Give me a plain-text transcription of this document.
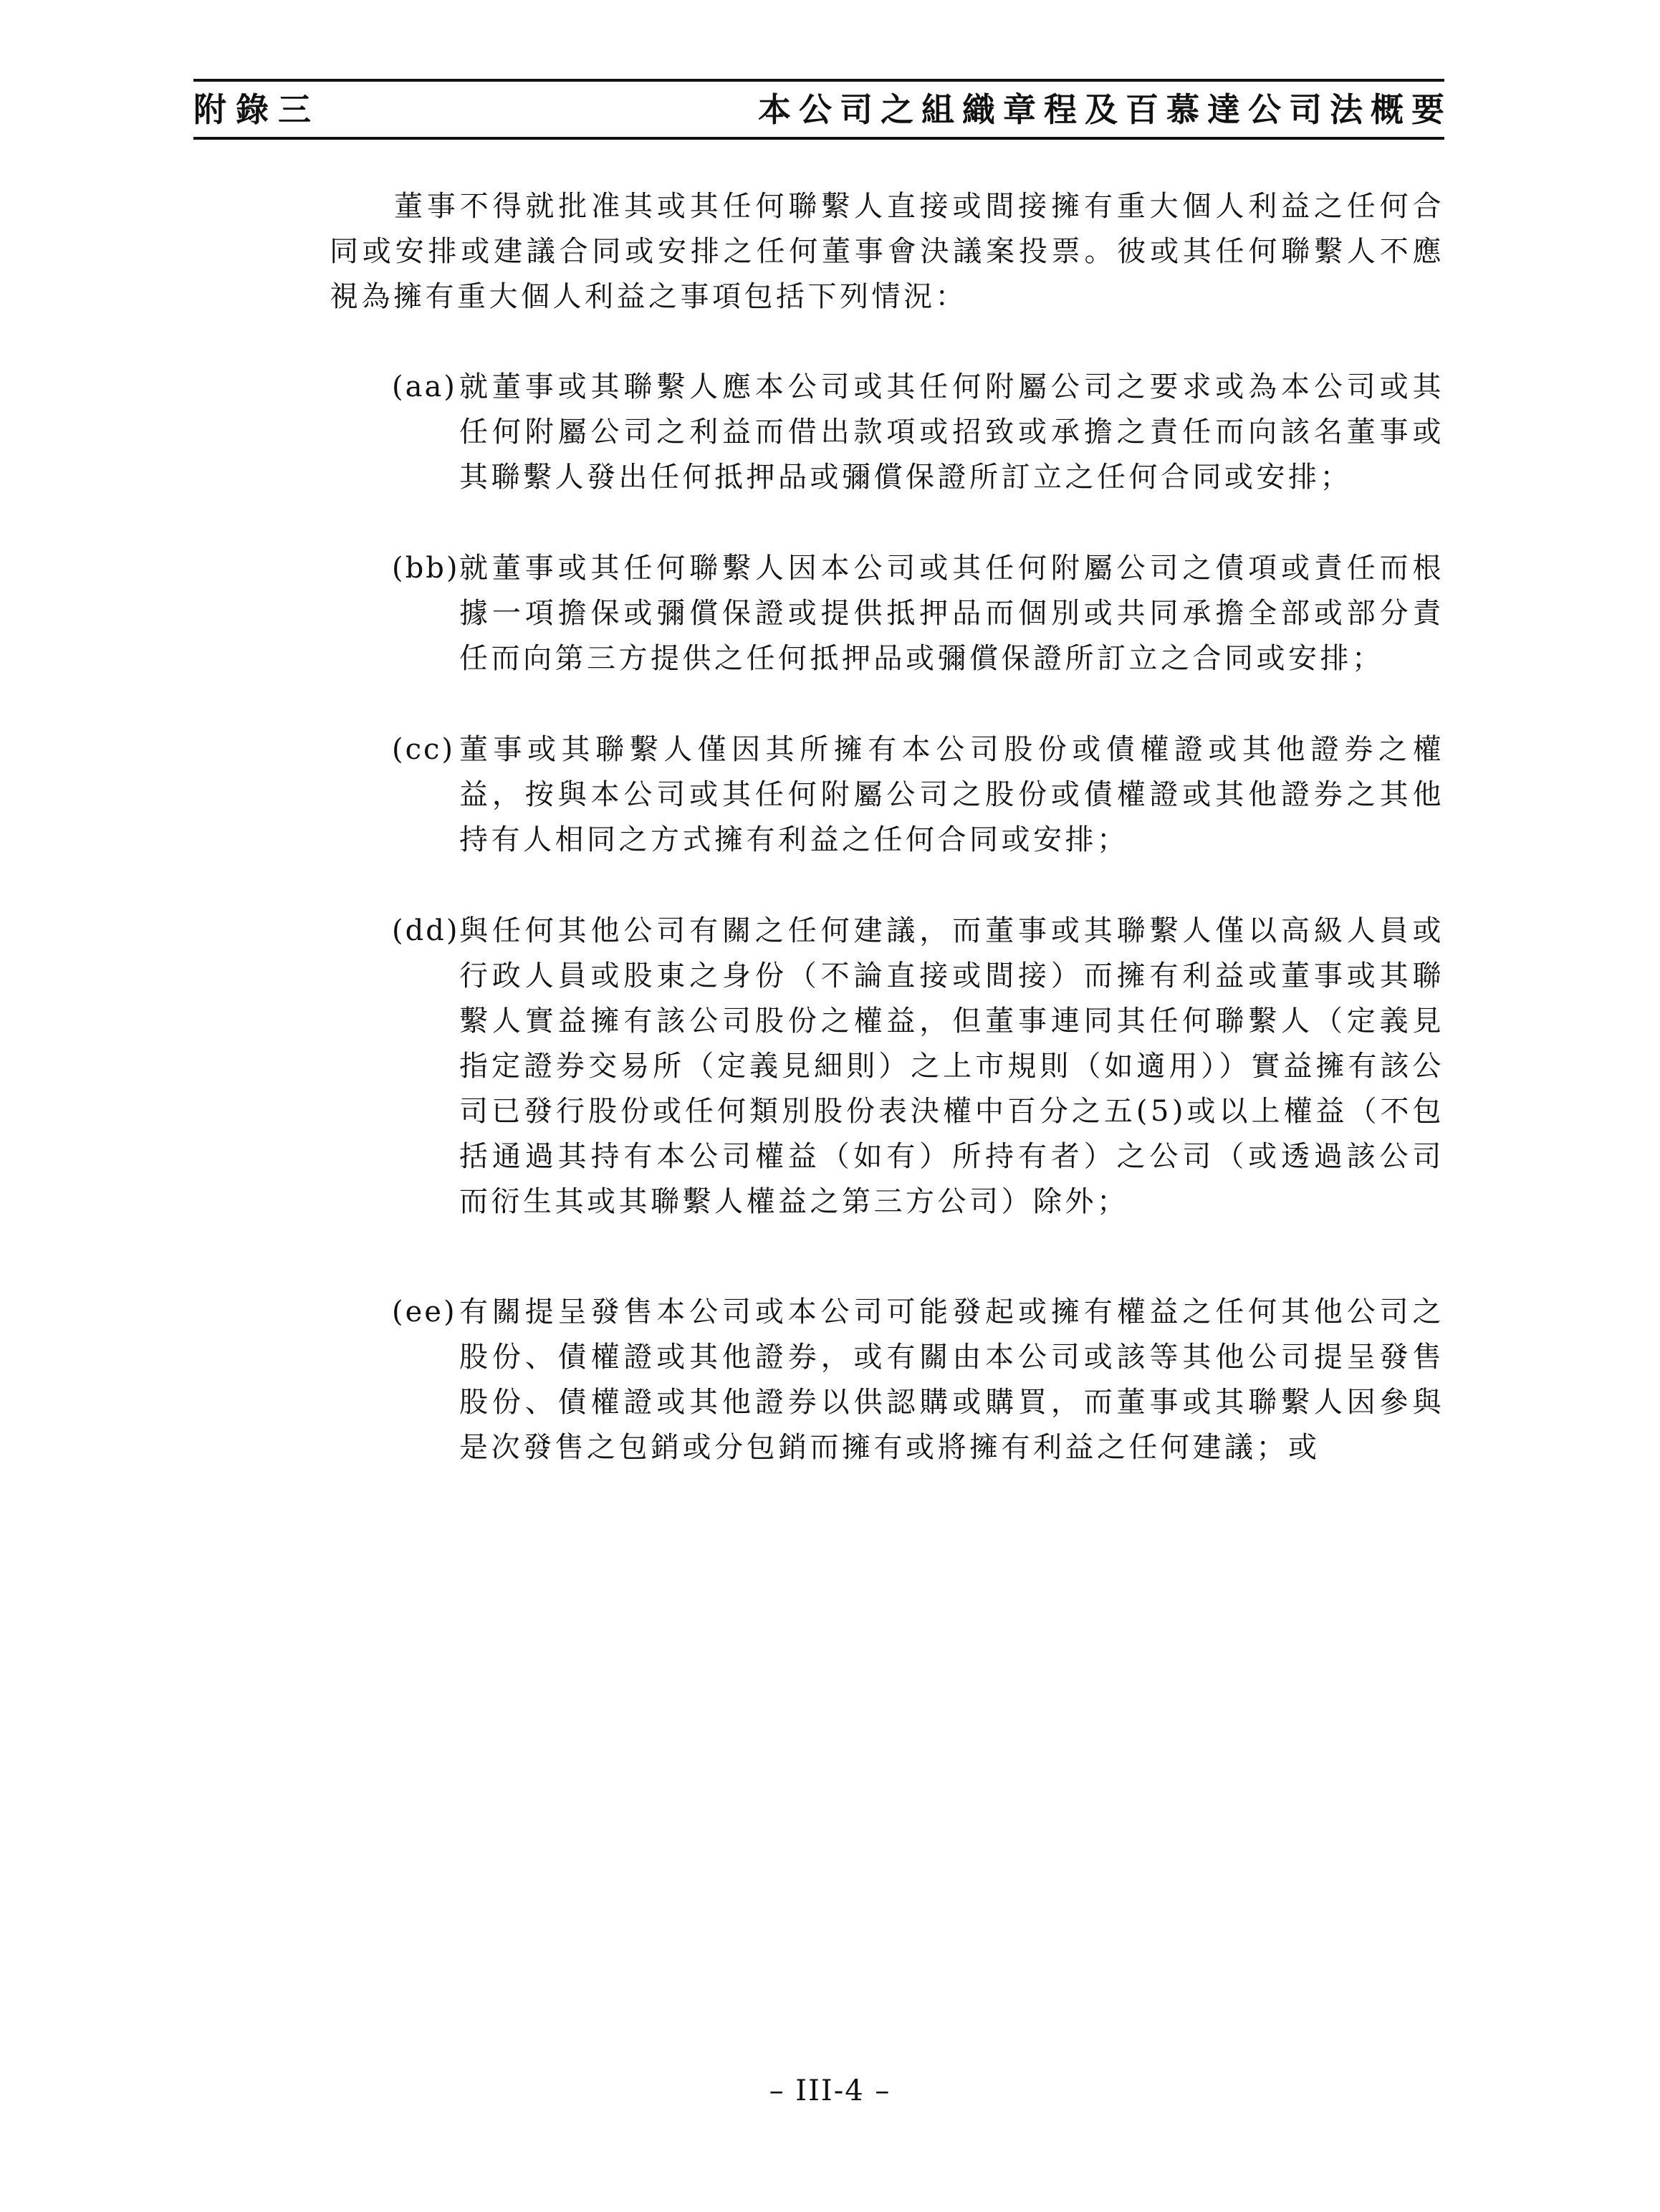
附錄三	本公司之組織章程及百慕達公司法概要
董事不得就批准其或其任何聯繫人直接或間接擁有重大個人利益之任何合同或安排或建議合同或安排之任何董事會決議案投票。彼或其任何聯繫人不應視為擁有重大個人利益之事項包括下列情況：
(aa) 就董事或其聯繫人應本公司或其任何附屬公司之要求或為本公司或其任何附屬公司之利益而借出款項或招致或承擔之責任而向該名董事或其聯繫人發出任何抵押品或彌償保證所訂立之任何合同或安排；
(bb) 就董事或其任何聯繫人因本公司或其任何附屬公司之債項或責任而根據一項擔保或彌償保證或提供抵押品而個別或共同承擔全部或部分責任而向第三方提供之任何抵押品或彌償保證所訂立之合同或安排；
(cc) 董事或其聯繫人僅因其所擁有本公司股份或債權證或其他證券之權益，按與本公司或其任何附屬公司之股份或債權證或其他證券之其他持有人相同之方式擁有利益之任何合同或安排；
(dd) 與任何其他公司有關之任何建議，而董事或其聯繫人僅以高級人員或行政人員或股東之身份（不論直接或間接）而擁有利益或董事或其聯繫人實益擁有該公司股份之權益，但董事連同其任何聯繫人（定義見指定證券交易所（定義見細則）之上市規則（如適用））實益擁有該公司已發行股份或任何類別股份表決權中百分之五(5)或以上權益（不包括通過其持有本公司權益（如有）所持有者）之公司（或透過該公司而衍生其或其聯繫人權益之第三方公司）除外；
(ee) 有關提呈發售本公司或本公司可能發起或擁有權益之任何其他公司之股份、債權證或其他證券，或有關由本公司或該等其他公司提呈發售股份、債權證或其他證券以供認購或購買，而董事或其聯繫人因參與是次發售之包銷或分包銷而擁有或將擁有利益之任何建議；或
– III-4 –
